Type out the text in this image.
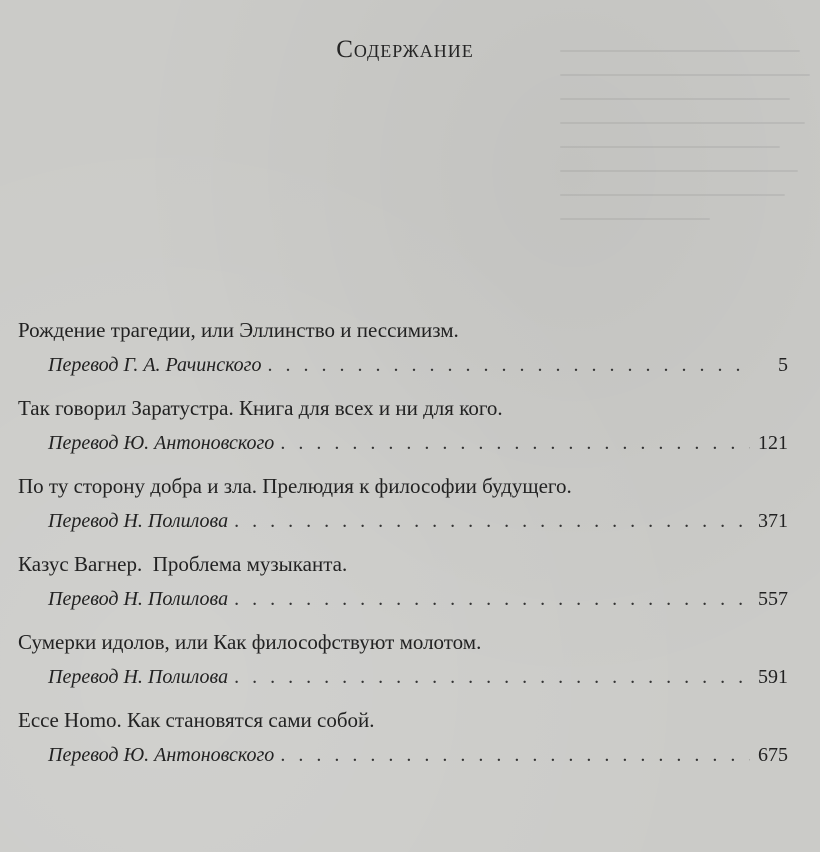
Содержание
Рождение трагедии, или Эллинство и пессимизм.
Перевод Г. А. Рачинского . . .	5
Так говорил Заратустра. Книга для всех и ни для кого.
Перевод Ю. Антоновского . . .	121
По ту сторону добра и зла. Прелюдия к философии будущего.
Перевод Н. Полилова . . .	371
Казус Вагнер.  Проблема музыканта.
Перевод Н. Полилова . . .	557
Сумерки идолов, или Как философствуют молотом.
Перевод Н. Полилова . . .	591
Ecce Homo. Как становятся сами собой.
Перевод Ю. Антоновского . . .	675
